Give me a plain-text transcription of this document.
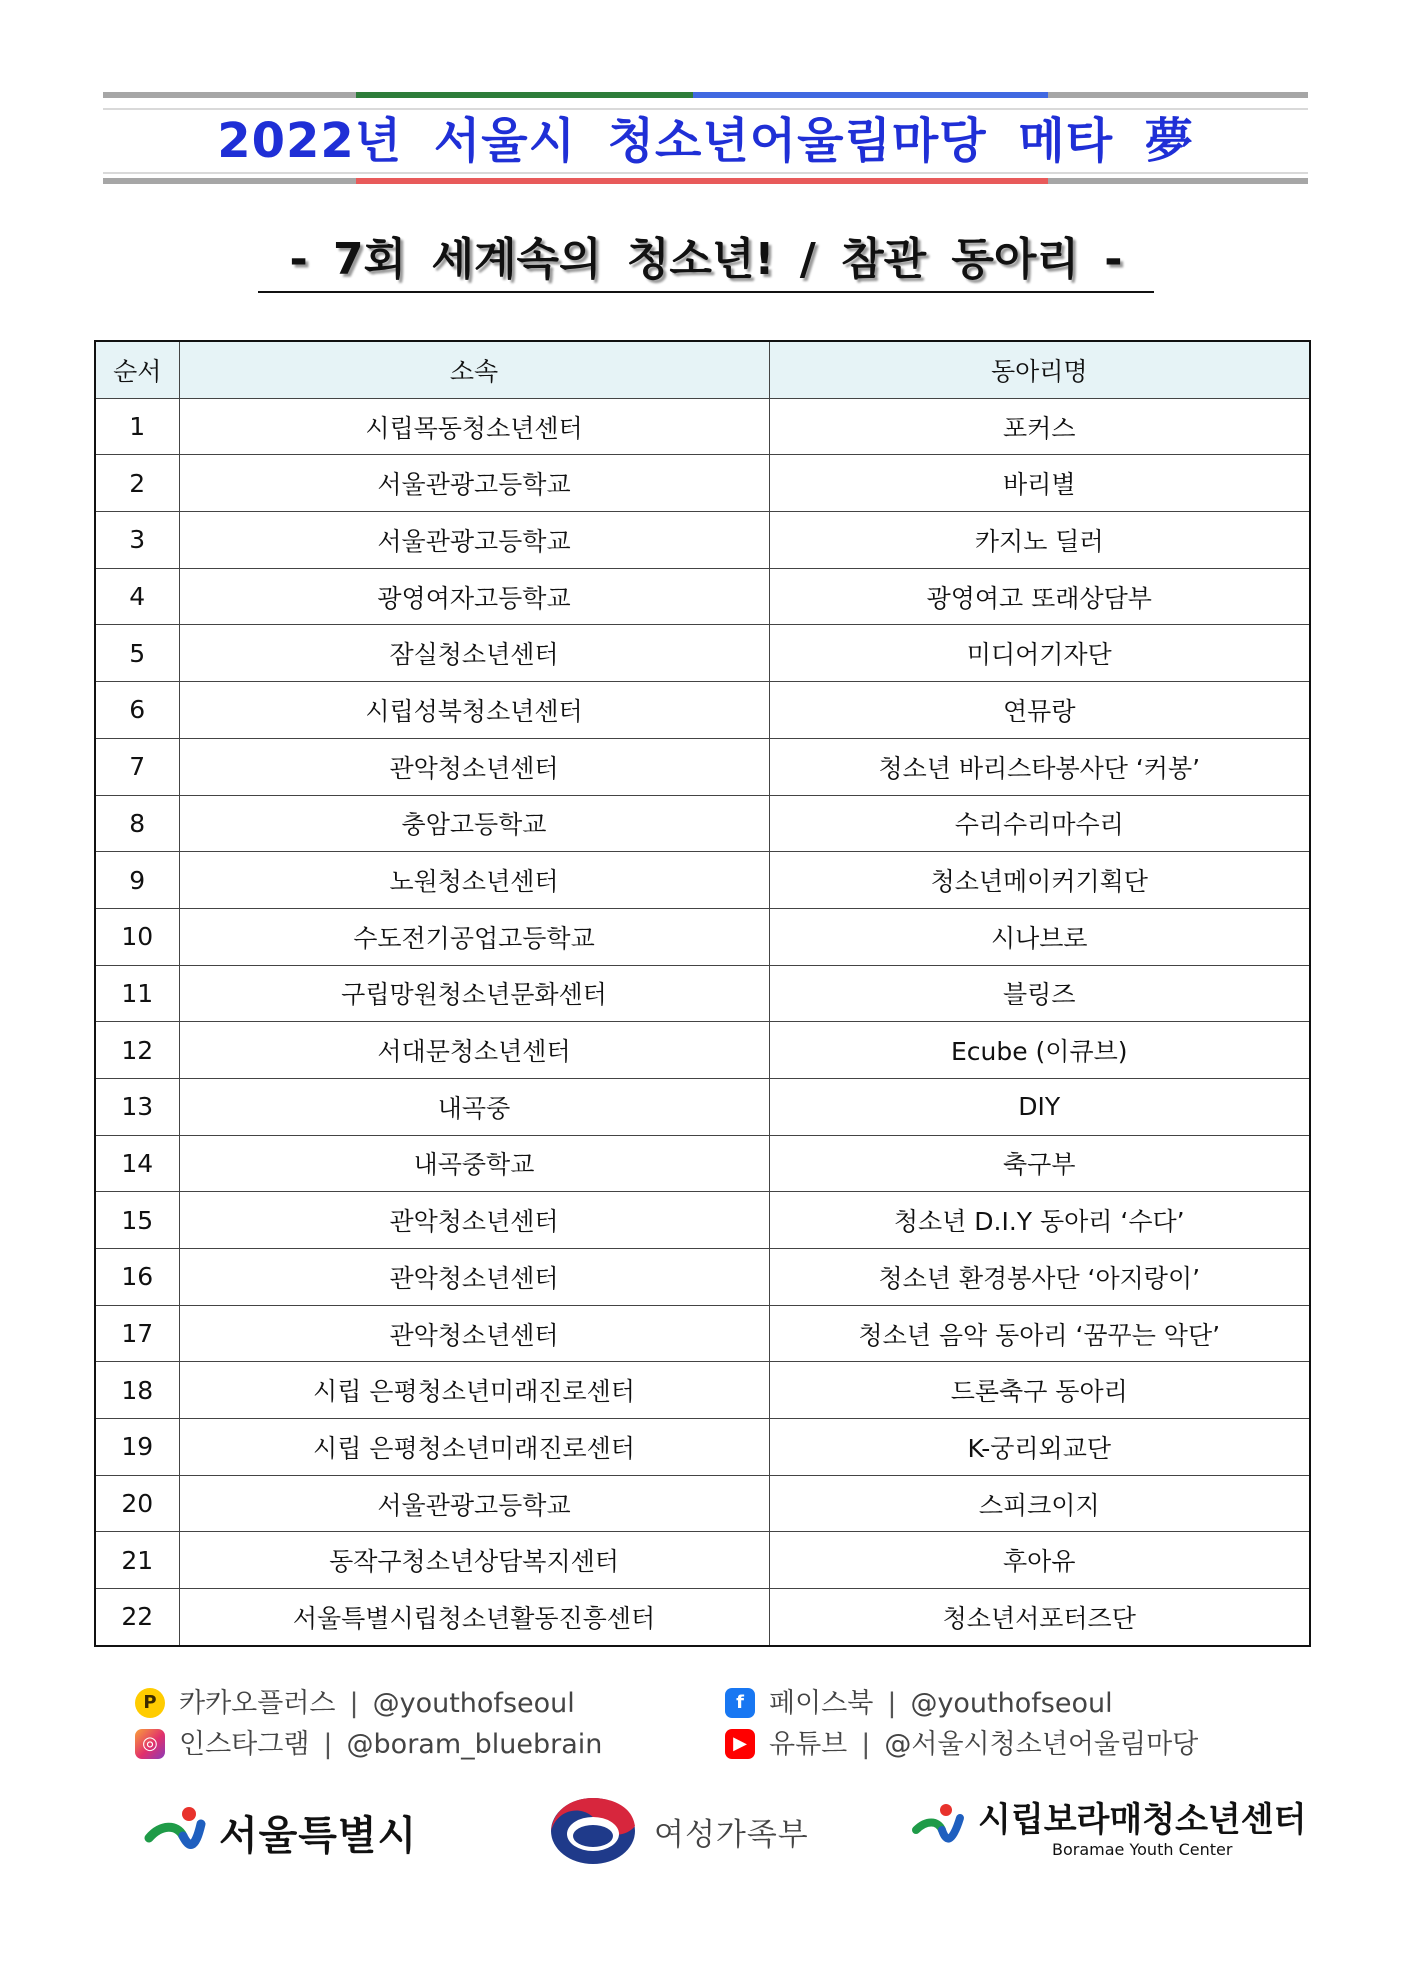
2022년 서울시 청소년어울림마당 메타 夢
- 7회 세계속의 청소년! / 참관 동아리 -
순서	소속	동아리명
1	시립목동청소년센터	포커스
2	서울관광고등학교	바리별
3	서울관광고등학교	카지노 딜러
4	광영여자고등학교	광영여고 또래상담부
5	잠실청소년센터	미디어기자단
6	시립성북청소년센터	연뮤랑
7	관악청소년센터	청소년 바리스타봉사단 ‘커봉’
8	충암고등학교	수리수리마수리
9	노원청소년센터	청소년메이커기획단
10	수도전기공업고등학교	시나브로
11	구립망원청소년문화센터	블링즈
12	서대문청소년센터	Ecube (이큐브)
13	내곡중	DIY
14	내곡중학교	축구부
15	관악청소년센터	청소년 D.I.Y 동아리 ‘수다’
16	관악청소년센터	청소년 환경봉사단 ‘아지랑이’
17	관악청소년센터	청소년 음악 동아리 ‘꿈꾸는 악단’
18	시립 은평청소년미래진로센터	드론축구 동아리
19	시립 은평청소년미래진로센터	K-궁리외교단
20	서울관광고등학교	스피크이지
21	동작구청소년상담복지센터	후아유
22	서울특별시립청소년활동진흥센터	청소년서포터즈단
P 카카오플러스 | @youthofseoul	f 페이스북 | @youthofseoul
◎ 인스타그램 | @boram_bluebrain	▶ 유튜브 | @서울시청소년어울림마당
서울특별시	여성가족부	시립보라매청소년센터
Boramae Youth Center
